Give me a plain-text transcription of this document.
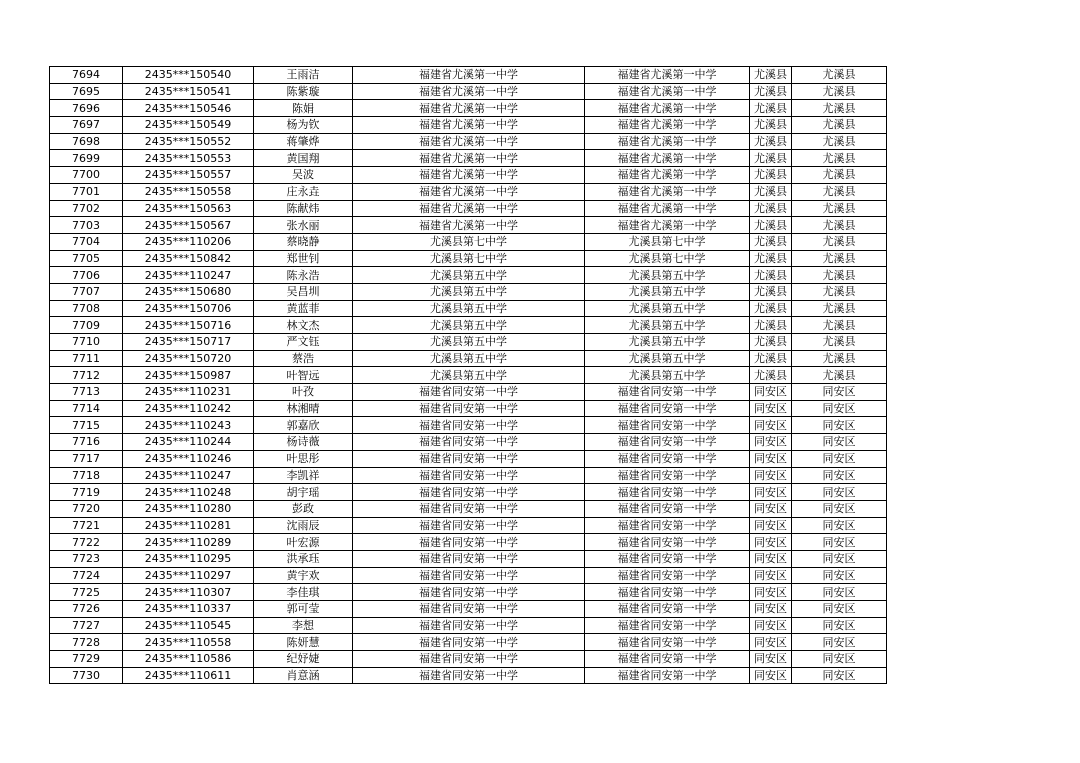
7694	2435***150540	王雨洁	福建省尤溪第一中学	福建省尤溪第一中学	尤溪县	尤溪县
7695	2435***150541	陈紫璇	福建省尤溪第一中学	福建省尤溪第一中学	尤溪县	尤溪县
7696	2435***150546	陈娟	福建省尤溪第一中学	福建省尤溪第一中学	尤溪县	尤溪县
7697	2435***150549	杨为钦	福建省尤溪第一中学	福建省尤溪第一中学	尤溪县	尤溪县
7698	2435***150552	蒋肇烨	福建省尤溪第一中学	福建省尤溪第一中学	尤溪县	尤溪县
7699	2435***150553	黄国翔	福建省尤溪第一中学	福建省尤溪第一中学	尤溪县	尤溪县
7700	2435***150557	吴波	福建省尤溪第一中学	福建省尤溪第一中学	尤溪县	尤溪县
7701	2435***150558	庄永垚	福建省尤溪第一中学	福建省尤溪第一中学	尤溪县	尤溪县
7702	2435***150563	陈献炜	福建省尤溪第一中学	福建省尤溪第一中学	尤溪县	尤溪县
7703	2435***150567	张水丽	福建省尤溪第一中学	福建省尤溪第一中学	尤溪县	尤溪县
7704	2435***110206	蔡晓静	尤溪县第七中学	尤溪县第七中学	尤溪县	尤溪县
7705	2435***150842	郑世钊	尤溪县第七中学	尤溪县第七中学	尤溪县	尤溪县
7706	2435***110247	陈永浩	尤溪县第五中学	尤溪县第五中学	尤溪县	尤溪县
7707	2435***150680	吴昌圳	尤溪县第五中学	尤溪县第五中学	尤溪县	尤溪县
7708	2435***150706	黄蓝菲	尤溪县第五中学	尤溪县第五中学	尤溪县	尤溪县
7709	2435***150716	林文杰	尤溪县第五中学	尤溪县第五中学	尤溪县	尤溪县
7710	2435***150717	严文钰	尤溪县第五中学	尤溪县第五中学	尤溪县	尤溪县
7711	2435***150720	蔡浩	尤溪县第五中学	尤溪县第五中学	尤溪县	尤溪县
7712	2435***150987	叶智远	尤溪县第五中学	尤溪县第五中学	尤溪县	尤溪县
7713	2435***110231	叶孜	福建省同安第一中学	福建省同安第一中学	同安区	同安区
7714	2435***110242	林湘晴	福建省同安第一中学	福建省同安第一中学	同安区	同安区
7715	2435***110243	郭嘉欣	福建省同安第一中学	福建省同安第一中学	同安区	同安区
7716	2435***110244	杨诗薇	福建省同安第一中学	福建省同安第一中学	同安区	同安区
7717	2435***110246	叶思彤	福建省同安第一中学	福建省同安第一中学	同安区	同安区
7718	2435***110247	李凯祥	福建省同安第一中学	福建省同安第一中学	同安区	同安区
7719	2435***110248	胡宇瑶	福建省同安第一中学	福建省同安第一中学	同安区	同安区
7720	2435***110280	彭政	福建省同安第一中学	福建省同安第一中学	同安区	同安区
7721	2435***110281	沈雨辰	福建省同安第一中学	福建省同安第一中学	同安区	同安区
7722	2435***110289	叶宏源	福建省同安第一中学	福建省同安第一中学	同安区	同安区
7723	2435***110295	洪承珏	福建省同安第一中学	福建省同安第一中学	同安区	同安区
7724	2435***110297	黄宇欢	福建省同安第一中学	福建省同安第一中学	同安区	同安区
7725	2435***110307	李佳琪	福建省同安第一中学	福建省同安第一中学	同安区	同安区
7726	2435***110337	郭可莹	福建省同安第一中学	福建省同安第一中学	同安区	同安区
7727	2435***110545	李想	福建省同安第一中学	福建省同安第一中学	同安区	同安区
7728	2435***110558	陈妍慧	福建省同安第一中学	福建省同安第一中学	同安区	同安区
7729	2435***110586	纪妤婕	福建省同安第一中学	福建省同安第一中学	同安区	同安区
7730	2435***110611	肖意涵	福建省同安第一中学	福建省同安第一中学	同安区	同安区
